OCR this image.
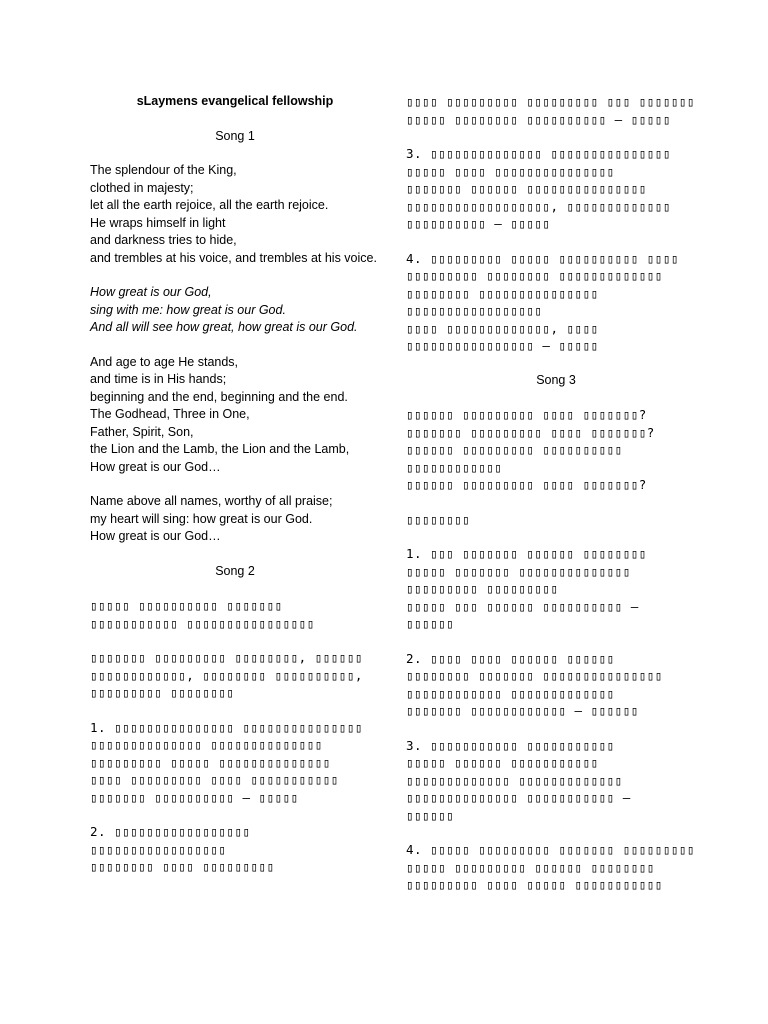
sLaymens evangelical fellowship

Song 1

The splendour of the King,
clothed in majesty;
let all the earth rejoice, all the earth rejoice.
He wraps himself in light
and darkness tries to hide,
and trembles at his voice, and trembles at his voice.
How great is our God,
sing with me: how great is our God.
And all will see how great, how great is our God.
And age to age He stands,
and time is in His hands;
beginning and the end, beginning and the end.
The Godhead, Three in One,
Father, Spirit, Son,
the Lion and the Lamb, the Lion and the Lamb,
How great is our God…
Name above all names, worthy of all praise;
my heart will sing: how great is our God.
How great is our God…

Song 2

▯▯▯▯▯ ▯▯▯▯▯▯▯▯▯▯ ▯▯▯▯▯▯▯
▯▯▯▯▯▯▯▯▯▯▯ ▯▯▯▯▯▯▯▯▯▯▯▯▯▯▯▯
▯▯▯▯▯▯▯ ▯▯▯▯▯▯▯▯▯ ▯▯▯▯▯▯▯▯, ▯▯▯▯▯▯ ▯▯▯▯▯▯▯▯▯▯▯▯, ▯▯▯▯▯▯▯▯ ▯▯▯▯▯▯▯▯▯▯, ▯▯▯▯▯▯▯▯▯ ▯▯▯▯▯▯▯▯
1. ▯▯▯▯▯▯▯▯▯▯▯▯▯▯▯ ▯▯▯▯▯▯▯▯▯▯▯▯▯▯▯
▯▯▯▯▯▯▯▯▯▯▯▯▯▯ ▯▯▯▯▯▯▯▯▯▯▯▯▯▯
▯▯▯▯▯▯▯▯▯ ▯▯▯▯▯ ▯▯▯▯▯▯▯▯▯▯▯▯▯▯
▯▯▯▯ ▯▯▯▯▯▯▯▯▯ ▯▯▯▯ ▯▯▯▯▯▯▯▯▯▯▯
▯▯▯▯▯▯▯ ▯▯▯▯▯▯▯▯▯▯ — ▯▯▯▯▯
2. ▯▯▯▯▯▯▯▯▯▯▯▯▯▯▯▯▯
▯▯▯▯▯▯▯▯▯▯▯▯▯▯▯▯▯
▯▯▯▯▯▯▯▯ ▯▯▯▯ ▯▯▯▯▯▯▯▯▯
▯▯▯▯ ▯▯▯▯▯▯▯▯▯ ▯▯▯▯▯▯▯▯▯ ▯▯▯ ▯▯▯▯▯▯▯
▯▯▯▯▯ ▯▯▯▯▯▯▯▯ ▯▯▯▯▯▯▯▯▯▯ — ▯▯▯▯▯
3. ▯▯▯▯▯▯▯▯▯▯▯▯▯▯ ▯▯▯▯▯▯▯▯▯▯▯▯▯▯▯
▯▯▯▯▯ ▯▯▯▯ ▯▯▯▯▯▯▯▯▯▯▯▯▯▯▯
▯▯▯▯▯▯▯ ▯▯▯▯▯▯ ▯▯▯▯▯▯▯▯▯▯▯▯▯▯▯
▯▯▯▯▯▯▯▯▯▯▯▯▯▯▯▯▯▯, ▯▯▯▯▯▯▯▯▯▯▯▯▯
▯▯▯▯▯▯▯▯▯▯ — ▯▯▯▯▯
4. ▯▯▯▯▯▯▯▯▯ ▯▯▯▯▯ ▯▯▯▯▯▯▯▯▯▯ ▯▯▯▯
▯▯▯▯▯▯▯▯▯ ▯▯▯▯▯▯▯▯ ▯▯▯▯▯▯▯▯▯▯▯▯▯
▯▯▯▯▯▯▯▯ ▯▯▯▯▯▯▯▯▯▯▯▯▯▯▯
▯▯▯▯▯▯▯▯▯▯▯▯▯▯▯▯▯
▯▯▯▯ ▯▯▯▯▯▯▯▯▯▯▯▯▯, ▯▯▯▯
▯▯▯▯▯▯▯▯▯▯▯▯▯▯▯▯ — ▯▯▯▯▯

Song 3

▯▯▯▯▯▯ ▯▯▯▯▯▯▯▯▯ ▯▯▯▯ ▯▯▯▯▯▯▯?
▯▯▯▯▯▯▯ ▯▯▯▯▯▯▯▯▯ ▯▯▯▯ ▯▯▯▯▯▯▯?
▯▯▯▯▯▯ ▯▯▯▯▯▯▯▯▯ ▯▯▯▯▯▯▯▯▯▯
▯▯▯▯▯▯▯▯▯▯▯▯
▯▯▯▯▯▯ ▯▯▯▯▯▯▯▯▯ ▯▯▯▯ ▯▯▯▯▯▯▯?
▯▯▯▯▯▯▯▯
1. ▯▯▯ ▯▯▯▯▯▯▯ ▯▯▯▯▯▯ ▯▯▯▯▯▯▯▯
▯▯▯▯▯ ▯▯▯▯▯▯▯ ▯▯▯▯▯▯▯▯▯▯▯▯▯▯
▯▯▯▯▯▯▯▯▯ ▯▯▯▯▯▯▯▯▯
▯▯▯▯▯ ▯▯▯ ▯▯▯▯▯▯ ▯▯▯▯▯▯▯▯▯▯ —
▯▯▯▯▯▯
2. ▯▯▯▯ ▯▯▯▯ ▯▯▯▯▯▯ ▯▯▯▯▯▯
▯▯▯▯▯▯▯▯ ▯▯▯▯▯▯▯ ▯▯▯▯▯▯▯▯▯▯▯▯▯▯▯
▯▯▯▯▯▯▯▯▯▯▯▯ ▯▯▯▯▯▯▯▯▯▯▯▯▯
▯▯▯▯▯▯▯ ▯▯▯▯▯▯▯▯▯▯▯▯ — ▯▯▯▯▯▯
3. ▯▯▯▯▯▯▯▯▯▯▯ ▯▯▯▯▯▯▯▯▯▯▯
▯▯▯▯▯ ▯▯▯▯▯▯ ▯▯▯▯▯▯▯▯▯▯▯
▯▯▯▯▯▯▯▯▯▯▯▯▯ ▯▯▯▯▯▯▯▯▯▯▯▯▯
▯▯▯▯▯▯▯▯▯▯▯▯▯▯ ▯▯▯▯▯▯▯▯▯▯▯ —
▯▯▯▯▯▯
4. ▯▯▯▯▯ ▯▯▯▯▯▯▯▯▯ ▯▯▯▯▯▯▯ ▯▯▯▯▯▯▯▯▯
▯▯▯▯▯ ▯▯▯▯▯▯▯▯▯ ▯▯▯▯▯▯ ▯▯▯▯▯▯▯▯
▯▯▯▯▯▯▯▯▯ ▯▯▯▯ ▯▯▯▯▯ ▯▯▯▯▯▯▯▯▯▯▯
